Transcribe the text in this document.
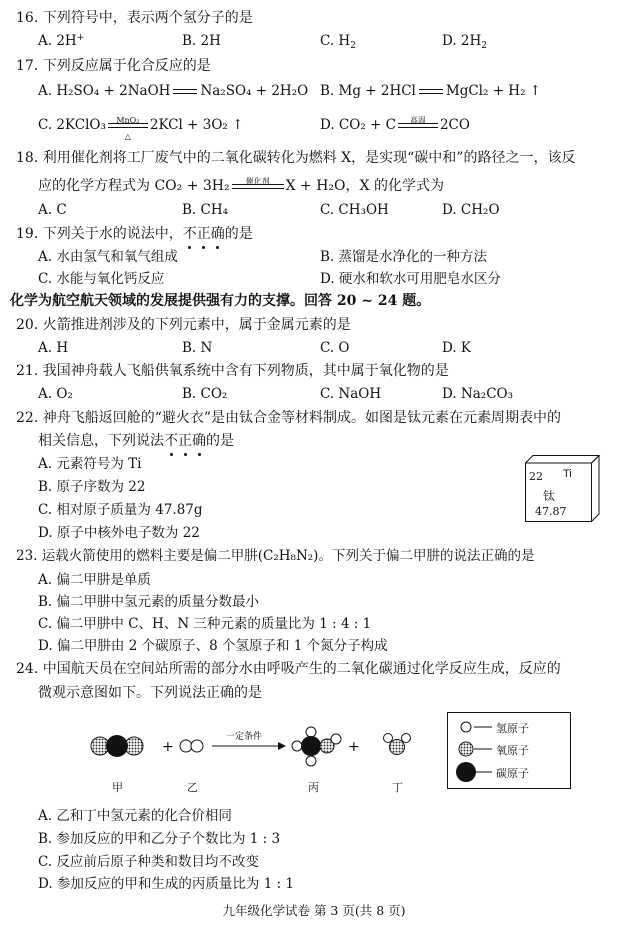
16. 下列符号中，表示两个氢分子的是
A. 2H+	B. 2H	C. $H_2$	D. $2H_2$
17. 下列反应属于化合反应的是
A. H₂SO₄ + 2NaOH Na₂SO₄ + 2H₂O B. Mg + 2HCl MgCl₂ + H₂ ↑
C. 2KClO₃	MnO₂
△
2KCl + 3O₂ ↑	D. CO₂ + C	高温	2CO
18. 利用催化剂将工厂废气中的二氧化碳转化为燃料 X，是实现“碳中和”的路径之一，该反
应的化学方程式为 CO₂ + 3H₂	催化剂	X + H₂O，X 的化学式为
A. C	B. CH₄	C. CH₃OH	D. CH₂O
19. 下列关于水的说法中，不正确的是
A. 水由氢气和氧气组成	B. 蒸馏是水净化的一种方法
C. 水能与氧化钙反应	D. 硬水和软水可用肥皂水区分
化学为航空航天领域的发展提供强有力的支撑。回答 20 ~ 24 题。
20. 火箭推进剂涉及的下列元素中，属于金属元素的是
A. H	B. N	C. O	D. K
21. 我国神舟载人飞船供氧系统中含有下列物质，其中属于氧化物的是
A. O₂	B. CO₂	C. NaOH	D. Na₂CO₃
22. 神舟飞船返回舱的“避火衣”是由钛合金等材料制成。如图是钛元素在元素周期表中的
相关信息，下列说法不正确的是
A. 元素符号为 Ti
B. 原子序数为 22
C. 相对原子质量为 47.87g
D. 原子中核外电子数为 22
22 Ti
钛
47.87
23. 运载火箭使用的燃料主要是偏二甲肼(C₂H₈N₂)。下列关于偏二甲肼的说法正确的是
A. 偏二甲肼是单质
B. 偏二甲肼中氢元素的质量分数最小
C. 偏二甲肼中 C、H、N 三种元素的质量比为 1 : 4 : 1
D. 偏二甲肼由 2 个碳原子、8 个氢原子和 1 个氮分子构成
24. 中国航天员在空间站所需的部分水由呼吸产生的二氧化碳通过化学反应生成，反应的
微观示意图如下。下列说法正确的是
+
一定条件
+
甲	乙	丙	丁
氢原子
氧原子
碳原子
A. 乙和丁中氢元素的化合价相同
B. 参加反应的甲和乙分子个数比为 1 : 3
C. 反应前后原子种类和数目均不改变
D. 参加反应的甲和生成的丙质量比为 1 : 1
九年级化学试卷 第 3 页(共 8 页)
